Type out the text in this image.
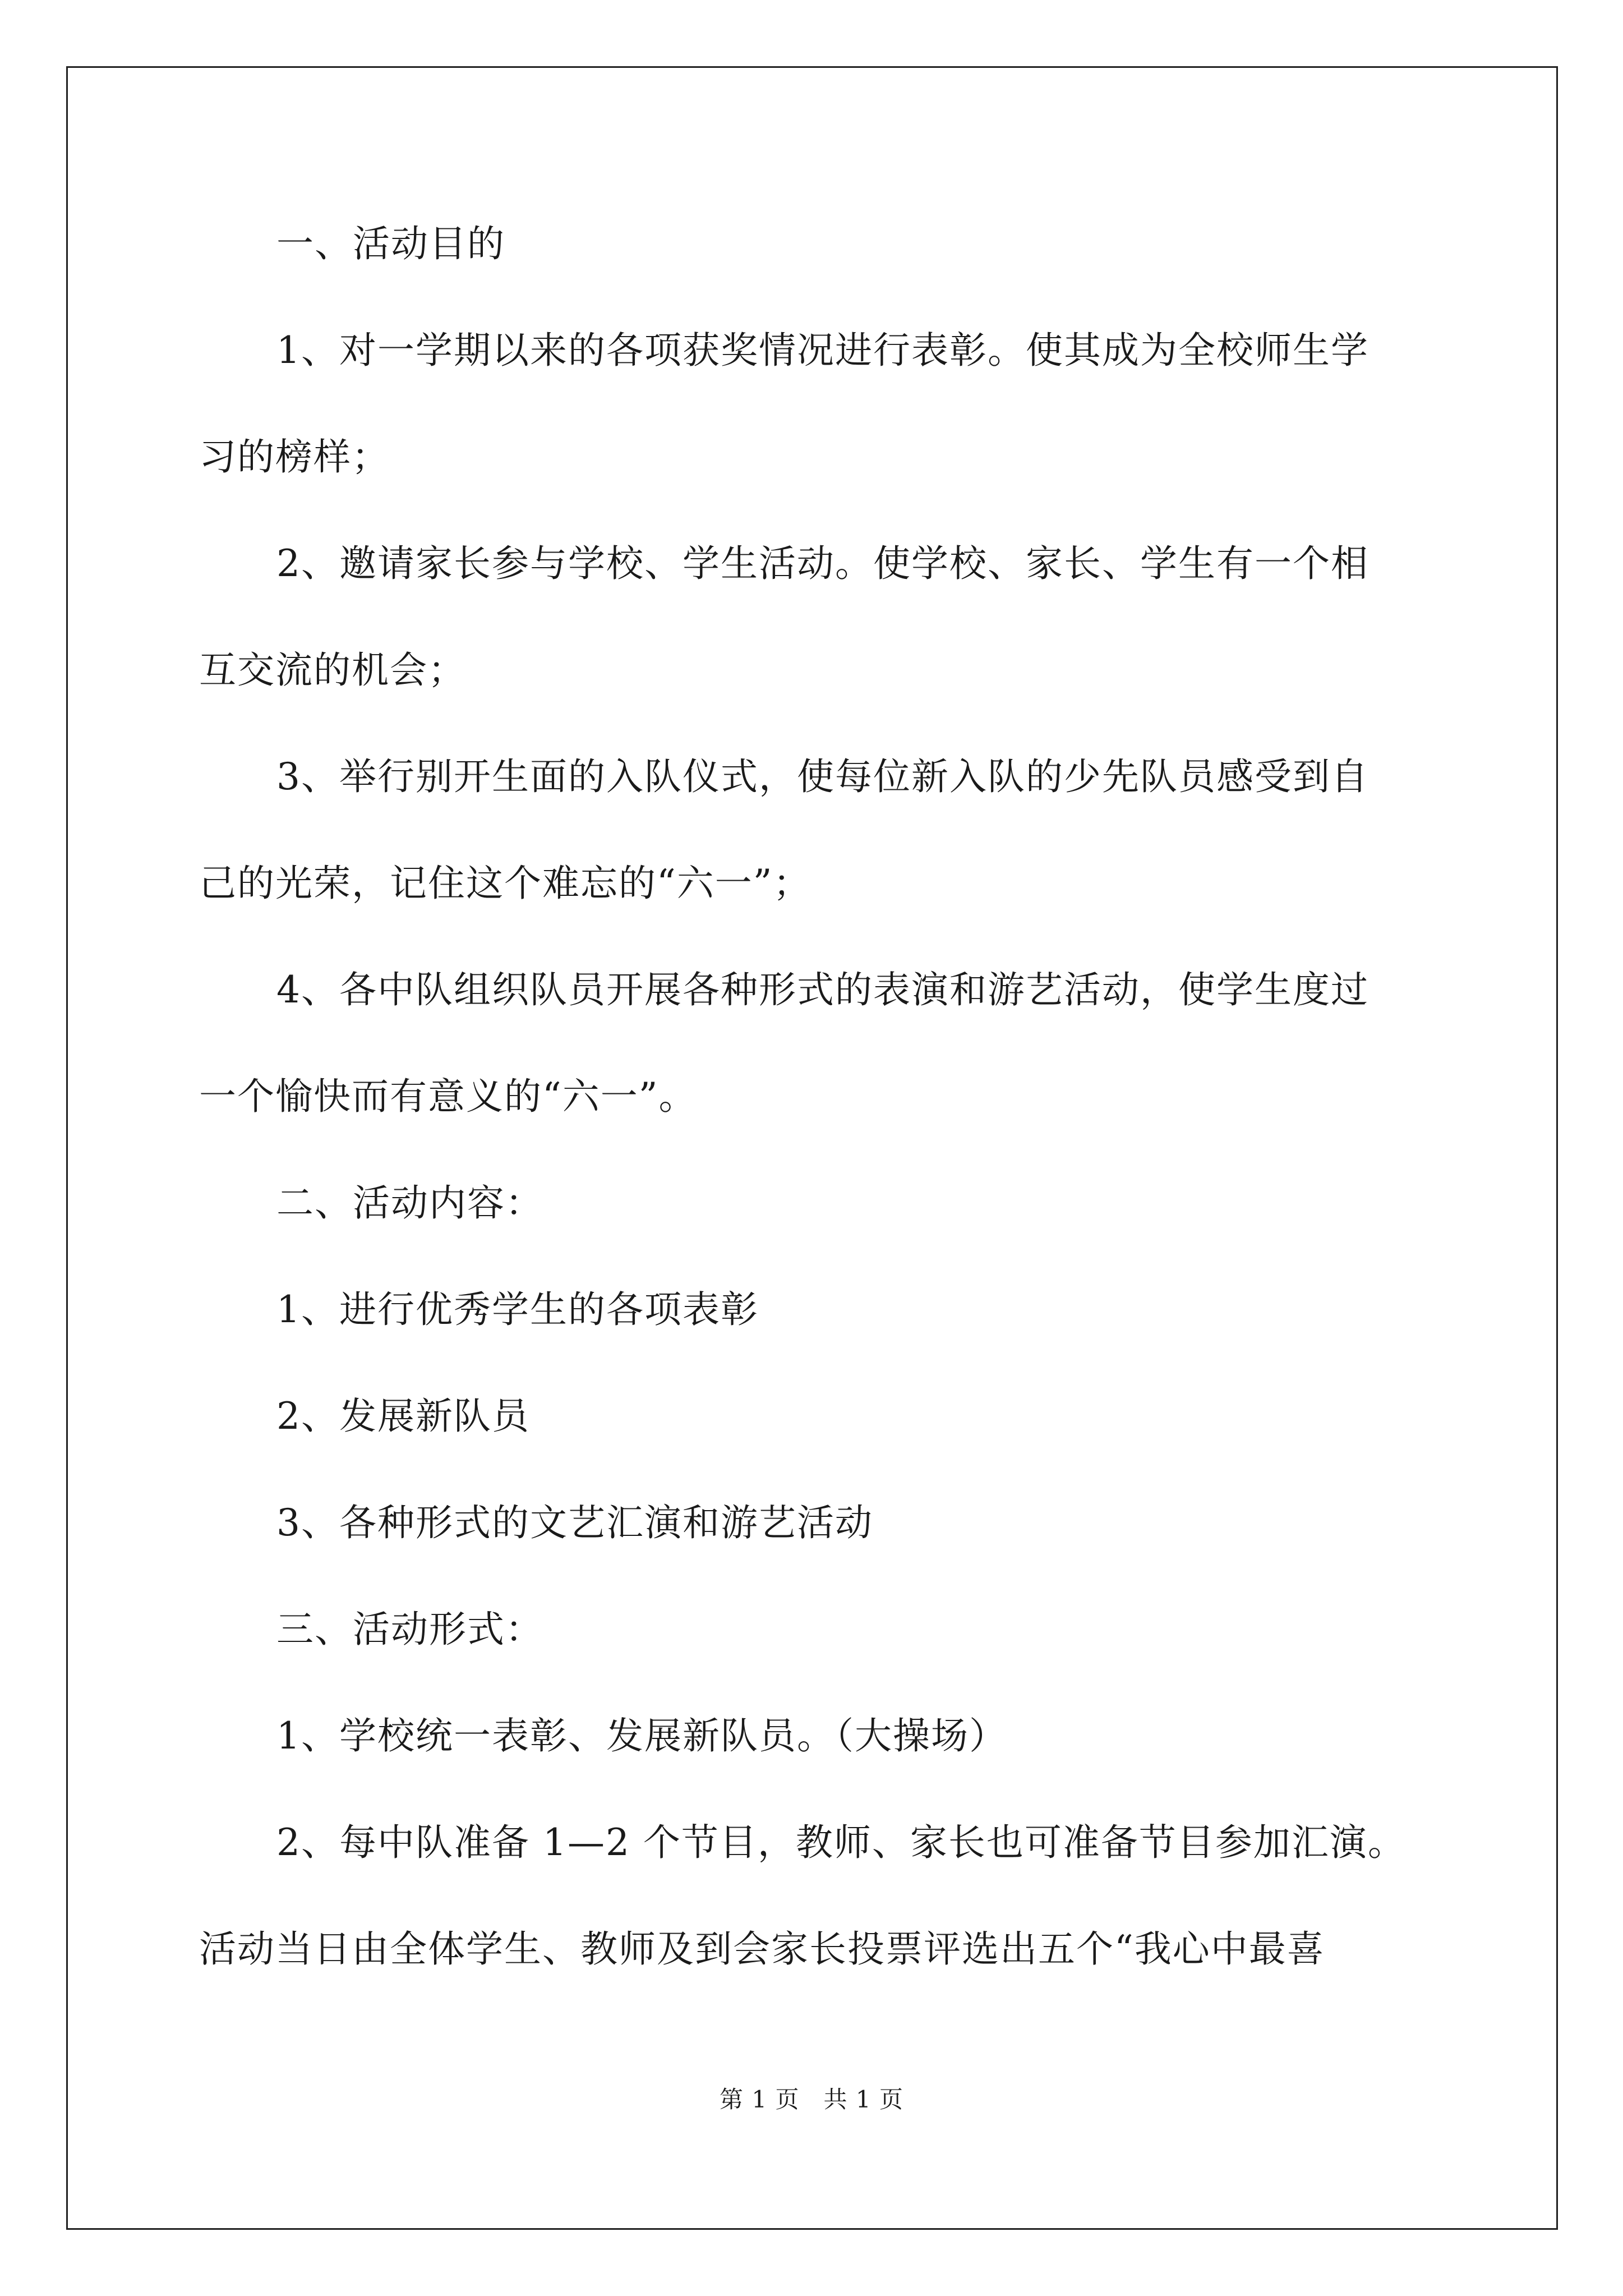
一、活动目的
1、对一学期以来的各项获奖情况进行表彰。使其成为全校师生学
习的榜样；
2、邀请家长参与学校、学生活动。使学校、家长、学生有一个相
互交流的机会；
3、举行别开生面的入队仪式，使每位新入队的少先队员感受到自
己的光荣，记住这个难忘的“六一”；
4、各中队组织队员开展各种形式的表演和游艺活动，使学生度过
一个愉快而有意义的“六一”。
二、活动内容：
1、进行优秀学生的各项表彰
2、发展新队员
3、各种形式的文艺汇演和游艺活动
三、活动形式：
1、学校统一表彰、发展新队员。（大操场）
2、每中队准备 1—2 个节目，教师、家长也可准备节目参加汇演。
活动当日由全体学生、教师及到会家长投票评选出五个“我心中最喜
第 1 页   共 1 页
